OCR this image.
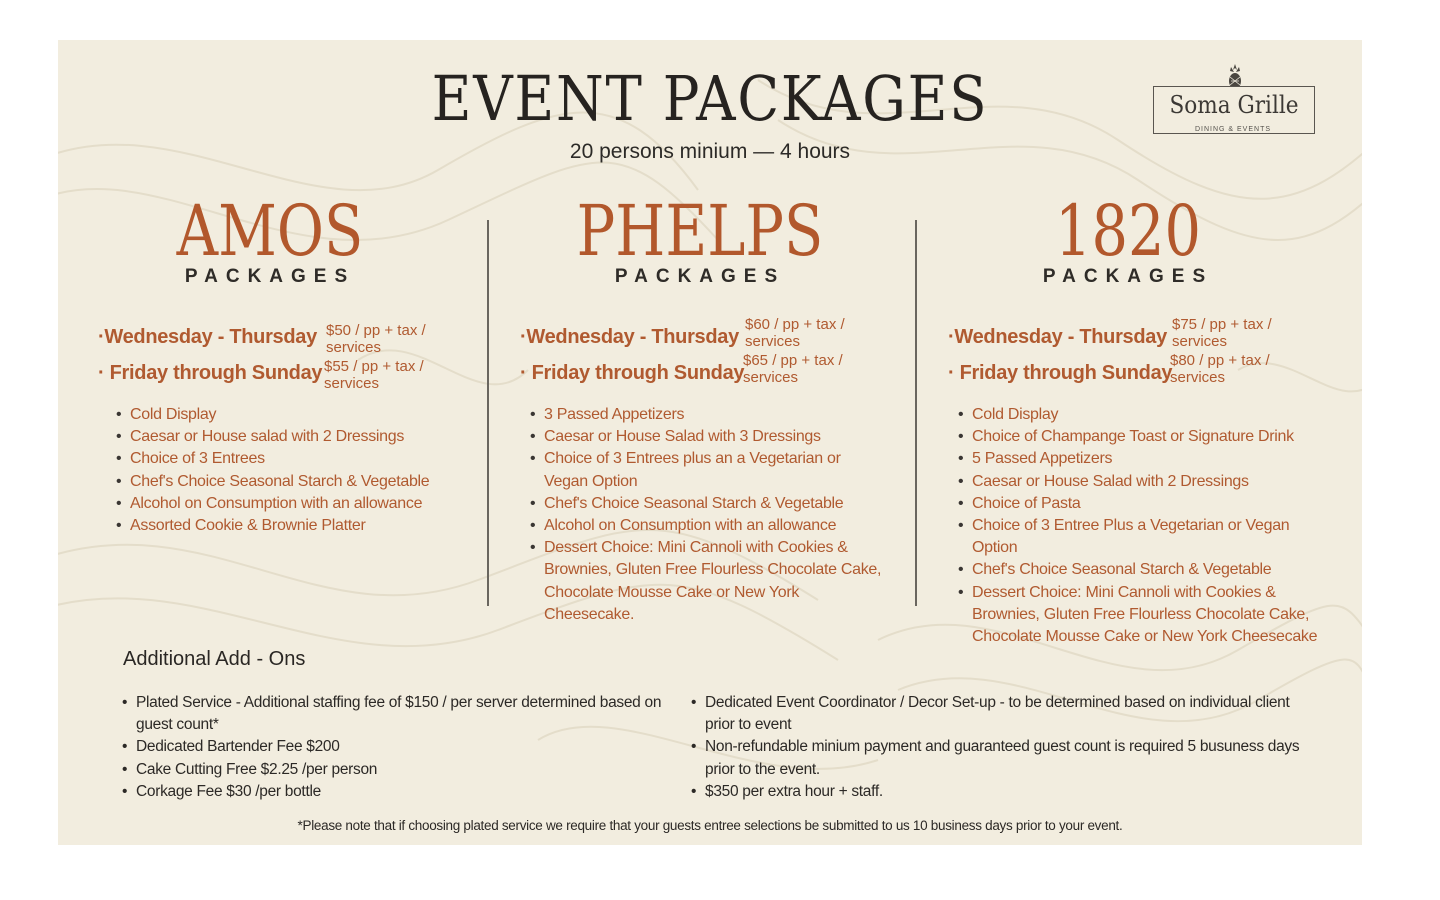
EVENT PACKAGES
20 persons minium — 4 hours
Soma Grille
DINING & EVENTS
AMOS
PACKAGES
·Wednesday - Thursday $50 / pp + tax / services
· Friday through Sunday $55 / pp + tax / services
• Cold Display
• Caesar or House salad with 2 Dressings
• Choice of 3 Entrees
• Chef's Choice Seasonal Starch & Vegetable
• Alcohol on Consumption with an allowance
• Assorted Cookie & Brownie Platter
PHELPS
PACKAGES
·Wednesday - Thursday
$60 / pp + tax / services
· Friday through Sunday
$65 / pp + tax / services
• 3 Passed Appetizers
• Caesar or House Salad with 3 Dressings
• Choice of 3 Entrees plus an a Vegetarian or Vegan Option
• Chef's Choice Seasonal Starch & Vegetable
• Alcohol on Consumption with an allowance
• Dessert Choice: Mini Cannoli with Cookies & Brownies, Gluten Free Flourless Chocolate Cake, Chocolate Mousse Cake or New York Cheesecake.
1820
PACKAGES
·Wednesday - Thursday
$75 / pp + tax / services
· Friday through Sunday
$80 / pp + tax / services
• Cold Display
• Choice of Champange Toast or Signature Drink
• 5 Passed Appetizers
• Caesar or House Salad with 2 Dressings
• Choice of Pasta
• Choice of 3 Entree Plus a Vegetarian or Vegan Option
• Chef's Choice Seasonal Starch & Vegetable
• Dessert Choice: Mini Cannoli with Cookies & Brownies, Gluten Free Flourless Chocolate Cake, Chocolate Mousse Cake or New York Cheesecake
Additional Add - Ons
• Plated Service - Additional staffing fee of $150 / per server determined based on guest count*
• Dedicated Bartender Fee $200
• Cake Cutting Free $2.25 /per person
• Corkage Fee $30 /per bottle
• Dedicated Event Coordinator / Decor Set-up - to be determined based on individual client prior to event
• Non-refundable minium payment and guaranteed guest count is required 5 busuness days prior to the event.
• $350 per extra hour + staff.
*Please note that if choosing plated service we require that your guests entree selections be submitted to us 10 business days prior to your event.
